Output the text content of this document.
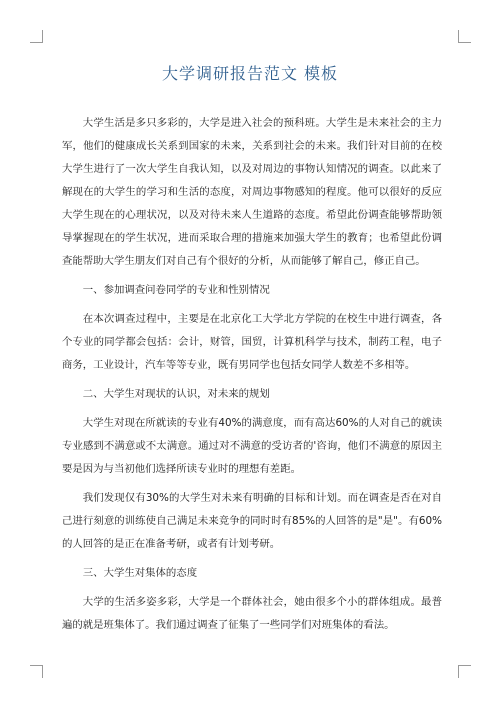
大学调研报告范文 模板

大学生活是多只多彩的，大学是进入社会的预科班。大学生是未来社会的主力军，他们的健康成长关系到国家的未来，关系到社会的未来。我们针对目前的在校大学生进行了一次大学生自我认知，以及对周边的事物认知情况的调查。以此来了解现在的大学生的学习和生活的态度，对周边事物感知的程度。他可以很好的反应大学生现在的心理状况，以及对待未来人生道路的态度。希望此份调查能够帮助领导掌握现在的学生状况，进而采取合理的措施来加强大学生的教育；也希望此份调查能帮助大学生朋友们对自己有个很好的分析，从而能够了解自己，修正自己。

一、参加调查问卷同学的专业和性别情况

在本次调查过程中，主要是在北京化工大学北方学院的在校生中进行调查，各个专业的同学都会包括：会计，财管，国贸，计算机科学与技术，制药工程，电子商务，工业设计，汽车等等专业，既有男同学也包括女同学人数差不多相等。

二、大学生对现状的认识，对未来的规划

大学生对现在所就读的专业有40%的满意度，而有高达60%的人对自己的就读专业感到不满意或不太满意。通过对不满意的受访者的'咨询，他们不满意的原因主要是因为与当初他们选择所读专业时的理想有差距。

我们发现仅有30%的大学生对未来有明确的目标和计划。而在调查是否在对自己进行刻意的训练使自己满足未来竞争的同时时有85%的人回答的是"是"。有60%的人回答的是正在准备考研，或者有计划考研。

三、大学生对集体的态度

大学的生活多姿多彩，大学是一个群体社会，她由很多个小的群体组成。最普遍的就是班集体了。我们通过调查了征集了一些同学们对班集体的看法。
